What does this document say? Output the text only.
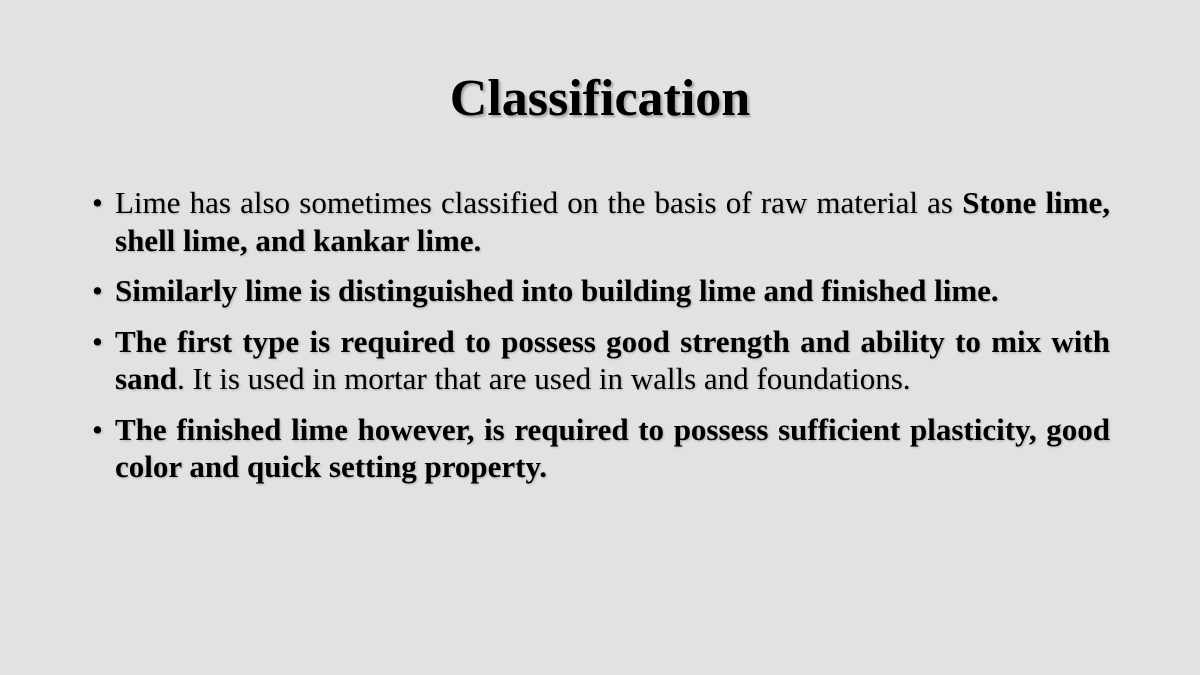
Classification
• Lime has also sometimes classified on the basis of raw material as Stone lime, shell lime, and kankar lime.
• Similarly lime is distinguished into building lime and finished lime.
• The first type is required to possess good strength and ability to mix with sand. It is used in mortar that are used in walls and foundations.
• The finished lime however, is required to possess sufficient plasticity, good color and quick setting property.
